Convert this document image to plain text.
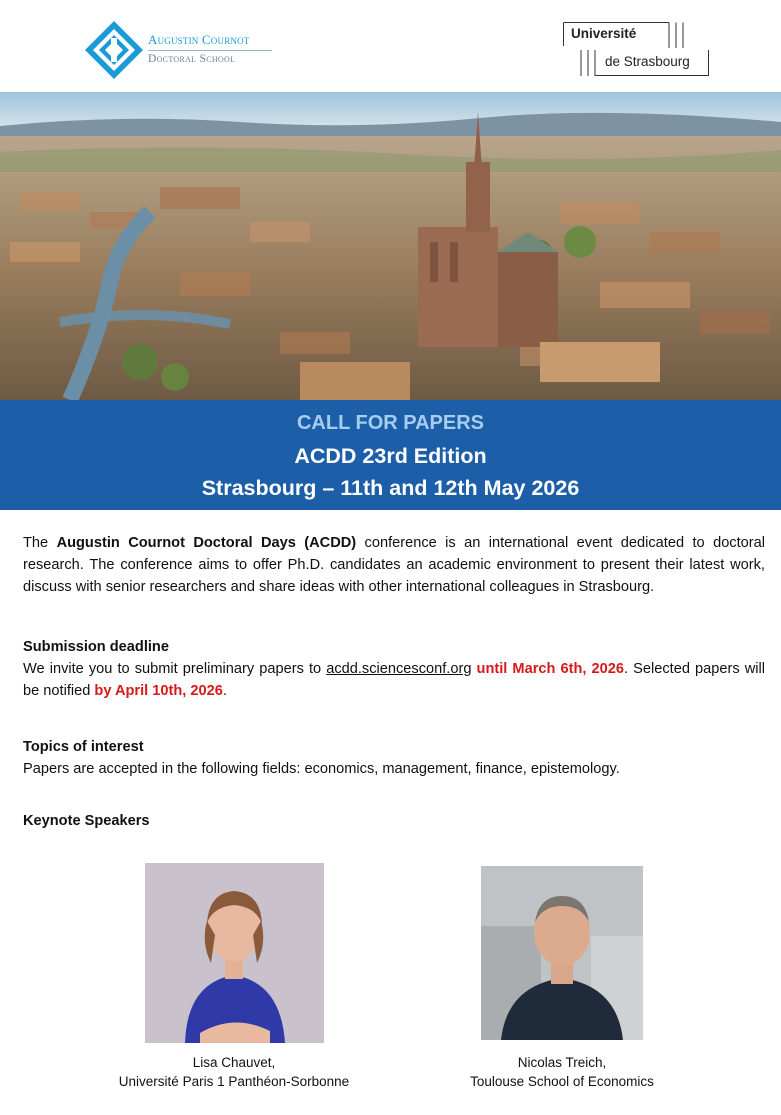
Augustin Cournot
Doctoral School
Université
de Strasbourg
CALL FOR PAPERS
ACDD 23rd Edition
Strasbourg – 11th and 12th May 2026

The Augustin Cournot Doctoral Days (ACDD) conference is an international event dedicated to doctoral research. The conference aims to offer Ph.D. candidates an academic environment to present their latest work, discuss with senior researchers and share ideas with other international colleagues in Strasbourg.

Submission deadline

We invite you to submit preliminary papers to acdd.sciencesconf.org until March 6th, 2026. Selected papers will be notified by April 10th, 2026.

Topics of interest

Papers are accepted in the following fields: economics, management, finance, epistemology.

Keynote Speakers

Lisa Chauvet,
Université Paris 1 Panthéon-Sorbonne
Nicolas Treich,
Toulouse School of Economics
